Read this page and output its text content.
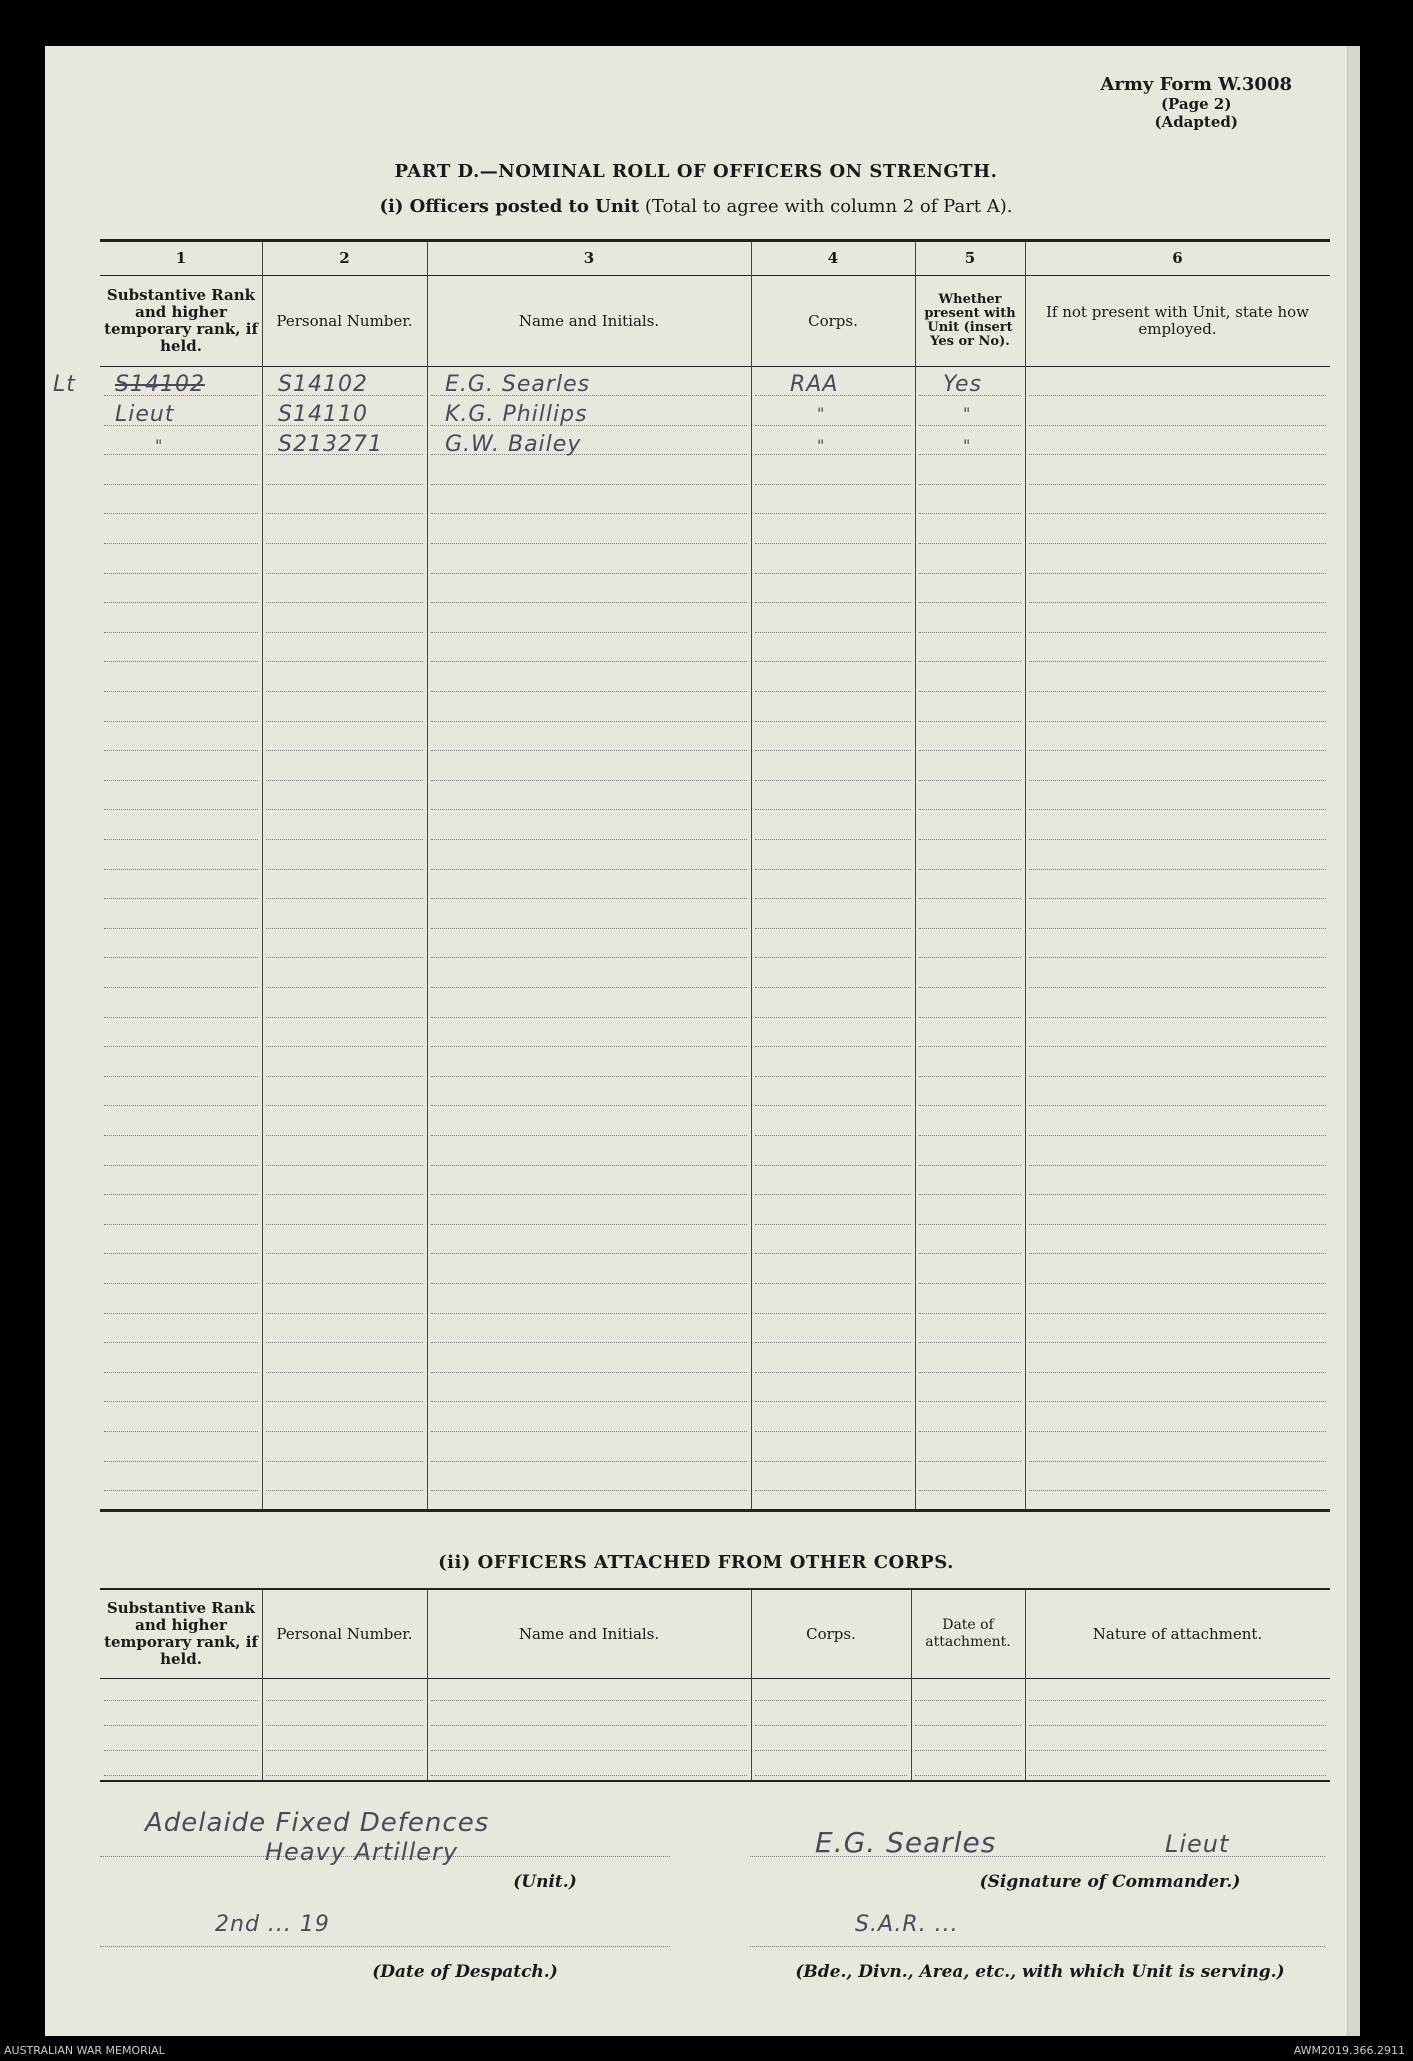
Army Form W.3008
(Page 2)
(Adapted)
PART D.—NOMINAL ROLL OF OFFICERS ON STRENGTH.
(i) Officers posted to Unit (Total to agree with column 2 of Part A).
1	2	3	4	5	6
Substantive Rank and higher temporary rank, if held.
Personal Number.	Name and Initials.	Corps.
Whether present with Unit (insert Yes or No).
If not present with Unit, state how employed.
Lt S14102	S14102	E.G. Searles	RAA	Yes
Lieut	S14110	K.G. Phillips	"	"
"	S213271	G.W. Bailey	"	"
(ii) OFFICERS ATTACHED FROM OTHER CORPS.
Substantive Rank and higher temporary rank, if held.
Personal Number.	Name and Initials.	Corps.	Date of attachment.	Nature of attachment.
Adelaide Fixed Defences
Heavy Artillery
(Unit.)
E.G. Searles	Lieut
(Signature of Commander.)
2nd ... 19	S.A.R. ...
(Date of Despatch.)	(Bde., Divn., Area, etc., with which Unit is serving.)
AUSTRALIAN WAR MEMORIAL	AWM2019.366.2911
